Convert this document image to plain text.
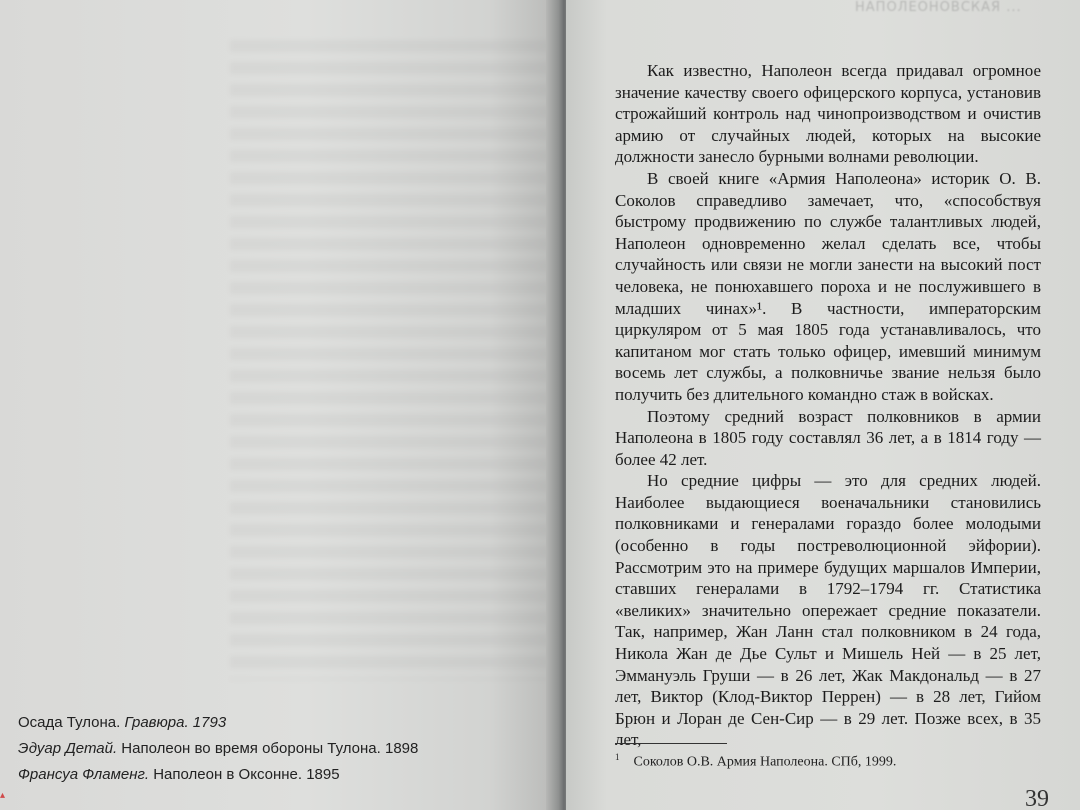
Осада Тулона. Гравюра. 1793
Эдуар Детай. Наполеон во время обороны Тулона. 1898
Франсуа Фламенг. Наполеон в Оксонне. 1895
НАПОЛЕОНОВСКАЯ ...

Как известно, Наполеон всегда придавал огромное значение качеству своего офицерского корпуса, установив строжайший контроль над чинопроизводством и очистив армию от случайных людей, которых на высокие должности занесло бурными волнами революции.

В своей книге «Армия Наполеона» историк О. В. Соколов справедливо замечает, что, «способствуя быстрому продвижению по службе талантливых людей, Наполеон одновременно желал сделать все, чтобы случайность или связи не могли занести на высокий пост человека, не понюхавшего пороха и не послужившего в младших чинах»¹. В частности, императорским циркуляром от 5 мая 1805 года устанавливалось, что капитаном мог стать только офицер, имевший минимум восемь лет службы, а полковничье звание нельзя было получить без длительного командно стаж в войсках.

Поэтому средний возраст полковников в армии Наполеона в 1805 году составлял 36 лет, а в 1814 году — более 42 лет.

Но средние цифры — это для средних людей. Наиболее выдающиеся военачальники становились полковниками и генералами гораздо более молодыми (особенно в годы постреволюционной эйфории). Рассмотрим это на примере будущих маршалов Империи, ставших генералами в 1792–1794 гг. Статистика «великих» значительно опережает средние показатели. Так, например, Жан Ланн стал полковником в 24 года, Никола Жан де Дье Сульт и Мишель Ней — в 25 лет, Эммануэль Груши — в 26 лет, Жак Макдональд — в 27 лет, Виктор (Клод-Виктор Перрен) — в 28 лет, Гийом Брюн и Лоран де Сен-Сир — в 29 лет. Позже всех, в 35 лет,

$^1$ Соколов О.В. Армия Наполеона. СПб, 1999.
39
▴
